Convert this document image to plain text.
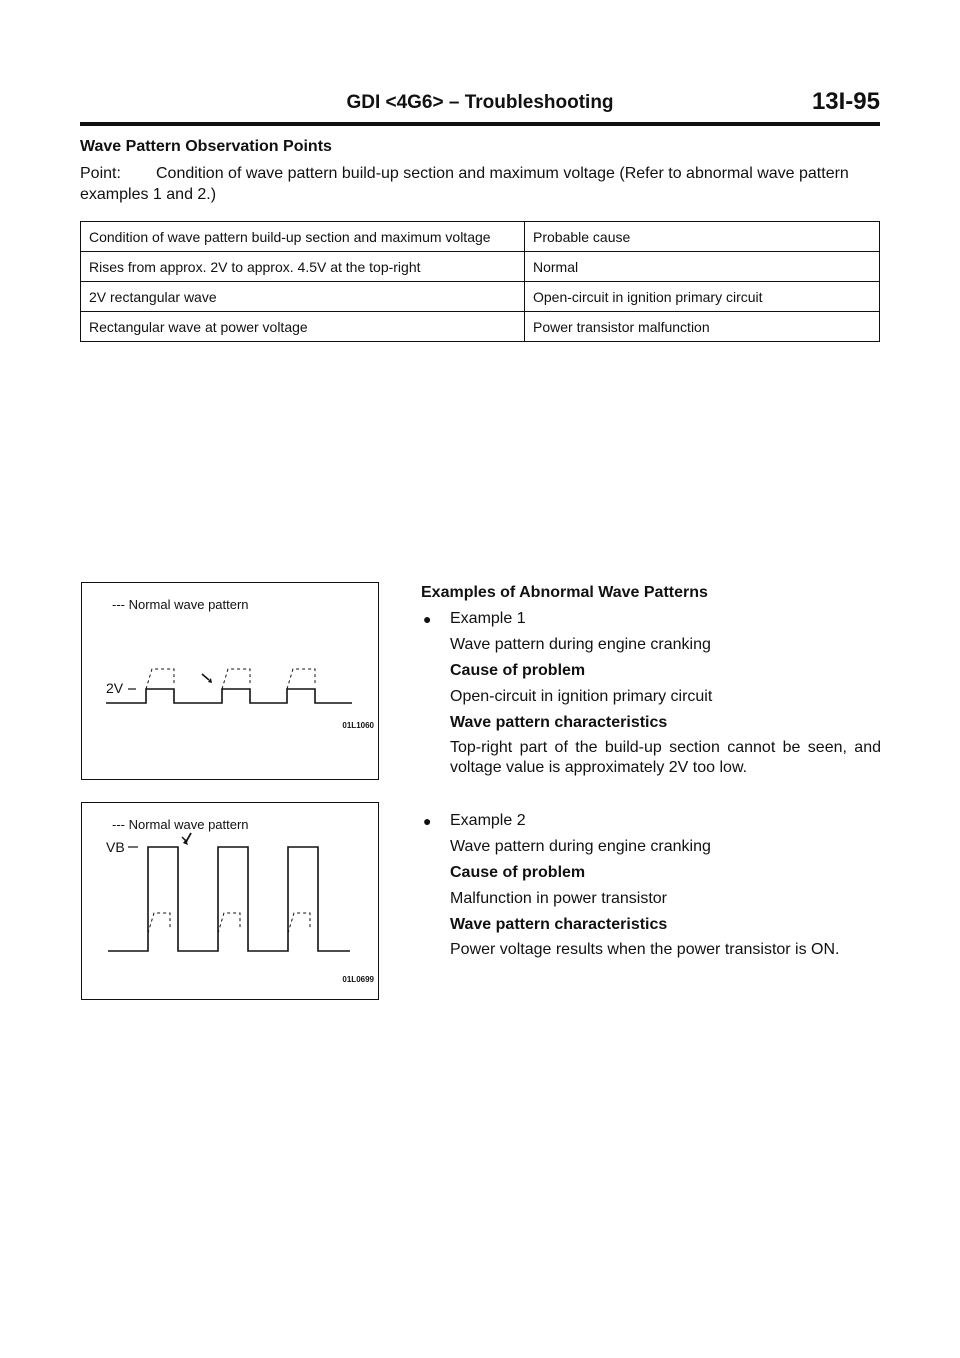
GDI <4G6> – Troubleshooting	13I-95
Wave Pattern Observation Points
Point: Condition of wave pattern build-up section and maximum voltage (Refer to abnormal wave pattern examples 1 and 2.)
Condition of wave pattern build-up section and maximum voltage	Probable cause
Rises from approx. 2V to approx. 4.5V at the top-right	Normal
2V rectangular wave	Open-circuit in ignition primary circuit
Rectangular wave at power voltage	Power transistor malfunction
--- Normal wave pattern
2V
01L1060
--- Normal wave pattern
VB
01L0699
Examples of Abnormal Wave Patterns
● Example 1
Wave pattern during engine cranking
Cause of problem
Open-circuit in ignition primary circuit
Wave pattern characteristics
Top-right part of the build-up section cannot be seen, and voltage value is approximately 2V too low.
● Example 2
Wave pattern during engine cranking
Cause of problem
Malfunction in power transistor
Wave pattern characteristics
Power voltage results when the power transistor is ON.
